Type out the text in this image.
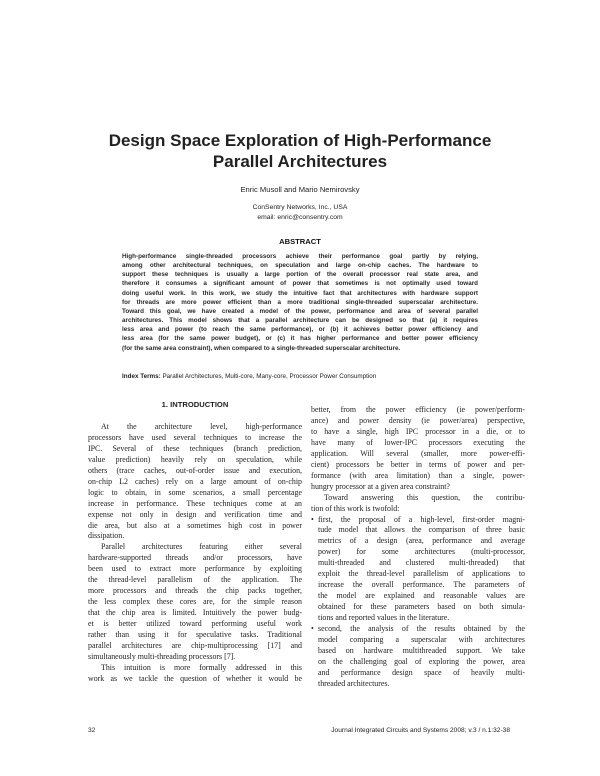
Design Space Exploration of High-Performance
Parallel Architectures
Enric Musoll and Mario Nemirovsky
ConSentry Networks, Inc., USA
email: enric@consentry.com
ABSTRACT
High-performance single-threaded processors achieve their performance goal partly by relying,
among other architectural techniques, on speculation and large on-chip caches. The hardware to
support these techniques is usually a large portion of the overall processor real state area, and
therefore it consumes a significant amount of power that sometimes is not optimally used toward
doing useful work. In this work, we study the intuitive fact that architectures with hardware support
for threads are more power efficient than a more traditional single-threaded superscalar architecture.
Toward this goal, we have created a model of the power, performance and area of several parallel
architectures. This model shows that a parallel architecture can be designed so that (a) it requires
less area and power (to reach the same performance), or (b) it achieves better power efficiency and
less area (for the same power budget), or (c) it has higher performance and better power efficiency
(for the same area constraint), when compared to a single-threaded superscalar architecture.
Index Terms: Parallel Architectures, Multi-core, Many-core, Processor Power Consumption
1. INTRODUCTION
At the architecture level, high-performance
processors have used several techniques to increase the
IPC. Several of these techniques (branch prediction,
value prediction) heavily rely on speculation, while
others (trace caches, out-of-order issue and execution,
on-chip L2 caches) rely on a large amount of on-chip
logic to obtain, in some scenarios, a small percentage
increase in performance. These techniques come at an
expense not only in design and verification time and
die area, but also at a sometimes high cost in power
dissipation.
Parallel architectures featuring either several
hardware-supported threads and/or processors, have
been used to extract more performance by exploiting
the thread-level parallelism of the application. The
more processors and threads the chip packs together,
the less complex these cores are, for the simple reason
that the chip area is limited. Intuitively the power budg-
et is better utilized toward performing useful work
rather than using it for speculative tasks. Traditional
parallel architectures are chip-multiprocessing [17] and
simultaneously multi-threading processors [7].
This intuition is more formally addressed in this
work as we tackle the question of whether it would be
better, from the power efficiency (ie power/perform-
ance) and power density (ie power/area) perspective,
to have a single, high IPC processor in a die, or to
have many of lower-IPC processors executing the
application. Will several (smaller, more power-effi-
cient) processors be better in terms of power and per-
formance (with area limitation) than a single, power-
hungry processor at a given area constraint?
Toward answering this question, the contribu-
tion of this work is twofold:
• first, the proposal of a high-level, first-order magni-
tude model that allows the comparison of three basic
metrics of a design (area, performance and average
power) for some architectures (multi-processor,
multi-threaded and clustered multi-threaded) that
exploit the thread-level parallelism of applications to
increase the overall performance. The parameters of
the model are explained and reasonable values are
obtained for these parameters based on both simula-
tions and reported values in the literature.
• second, the analysis of the results obtained by the
model comparing a superscalar with architectures
based on hardware multithreaded support. We take
on the challenging goal of exploring the power, area
and performance design space of heavily multi-
threaded architectures.
32	Journal Integrated Circuits and Systems 2008; v.3 / n.1:32-38
